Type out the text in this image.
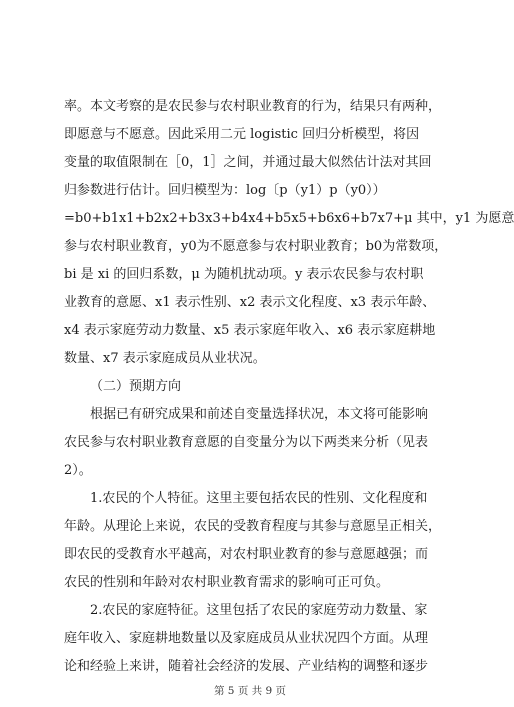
率。本文考察的是农民参与农村职业教育的行为，结果只有两种，
即愿意与不愿意。因此采用二元 logistic 回归分析模型，将因
变量的取值限制在［0，1］之间，并通过最大似然估计法对其回
归参数进行估计。回归模型为：log〔p（y1）p（y0））
=b0+b1x1+b2x2+b3x3+b4x4+b5x5+b6x6+b7x7+μ 其中，y1 为愿意
参与农村职业教育，y0为不愿意参与农村职业教育；b0为常数项，
bi 是 xi 的回归系数，μ 为随机扰动项。y 表示农民参与农村职
业教育的意愿、x1 表示性别、x2 表示文化程度、x3 表示年龄、
x4 表示家庭劳动力数量、x5 表示家庭年收入、x6 表示家庭耕地
数量、x7 表示家庭成员从业状况。
（二）预期方向
根据已有研究成果和前述自变量选择状况，本文将可能影响
农民参与农村职业教育意愿的自变量分为以下两类来分析（见表
2）。
1.农民的个人特征。这里主要包括农民的性别、文化程度和
年龄。从理论上来说，农民的受教育程度与其参与意愿呈正相关，
即农民的受教育水平越高，对农村职业教育的参与意愿越强；而
农民的性别和年龄对农村职业教育需求的影响可正可负。
2.农民的家庭特征。这里包括了农民的家庭劳动力数量、家
庭年收入、家庭耕地数量以及家庭成员从业状况四个方面。从理
论和经验上来讲，随着社会经济的发展、产业结构的调整和逐步
第 5 页 共 9 页
